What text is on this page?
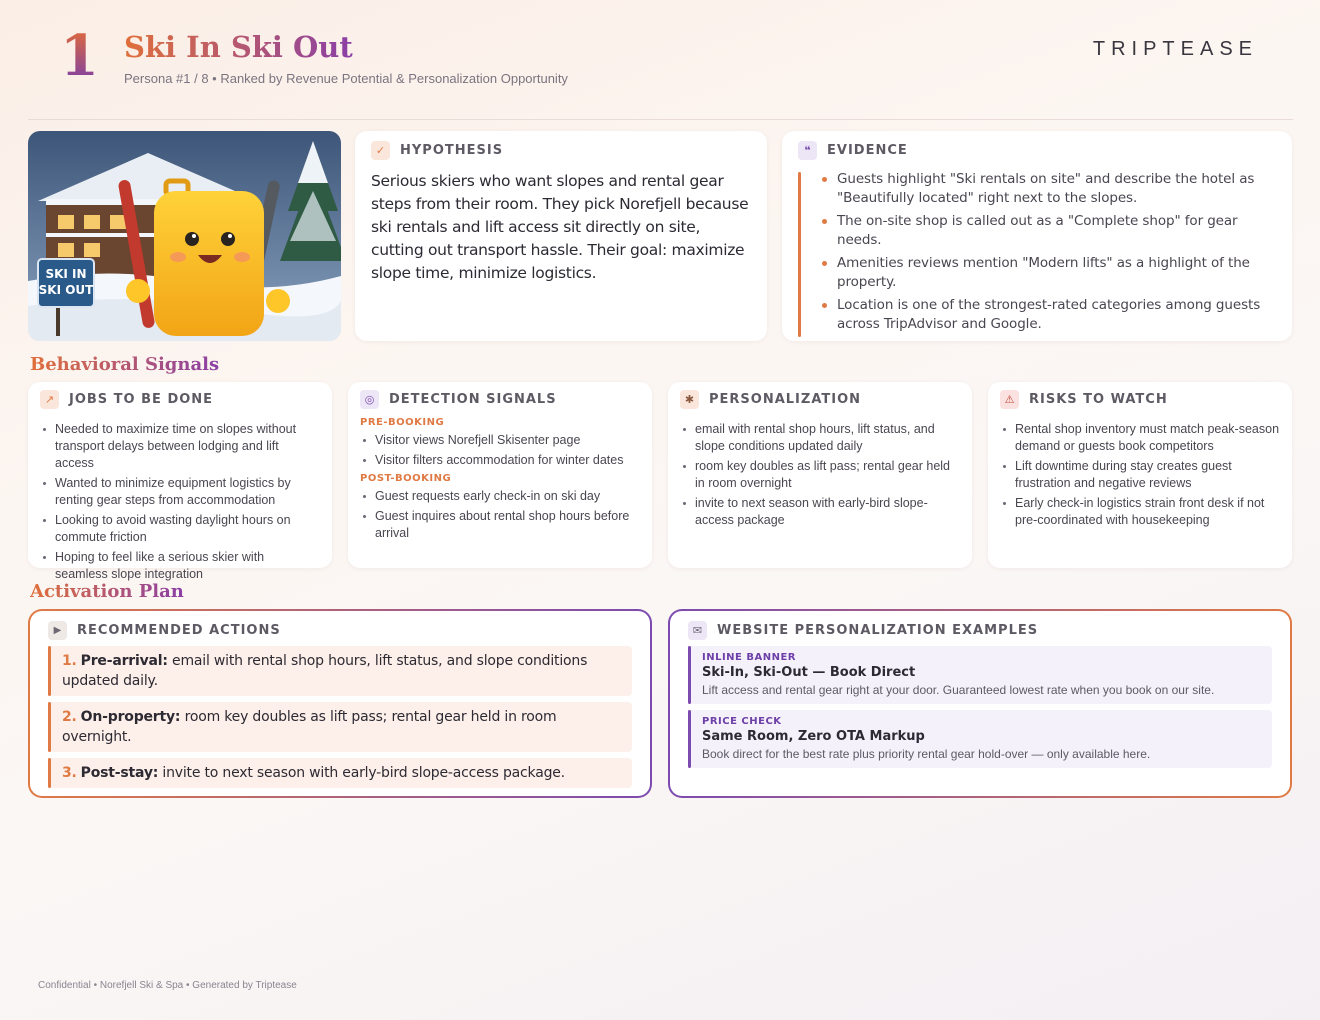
1 Ski In Ski Out
Persona #1 / 8 • Ranked by Revenue Potential & Personalization Opportunity
TRIPTEASE
SKI IN
SKI OUT
✓	HYPOTHESIS
Serious skiers who want slopes and rental gear steps from their room. They pick Norefjell because ski rentals and lift access sit directly on site, cutting out transport hassle. Their goal: maximize slope time, minimize logistics.
❝	EVIDENCE
Guests highlight "Ski rentals on site" and describe the hotel as "Beautifully located" right next to the slopes.
The on-site shop is called out as a "Complete shop" for gear needs.
Amenities reviews mention "Modern lifts" as a highlight of the property.
Location is one of the strongest-rated categories among guests across TripAdvisor and Google.
Behavioral Signals
↗	JOBS TO BE DONE
Needed to maximize time on slopes without transport delays between lodging and lift access
Wanted to minimize equipment logistics by renting gear steps from accommodation
Looking to avoid wasting daylight hours on commute friction
Hoping to feel like a serious skier with seamless slope integration
◎	DETECTION SIGNALS
PRE-BOOKING
Visitor views Norefjell Skisenter page
Visitor filters accommodation for winter dates
POST-BOOKING
Guest requests early check-in on ski day
Guest inquires about rental shop hours before arrival
✱	PERSONALIZATION
email with rental shop hours, lift status, and slope conditions updated daily
room key doubles as lift pass; rental gear held in room overnight
invite to next season with early-bird slope-access package
⚠	RISKS TO WATCH
Rental shop inventory must match peak-season demand or guests book competitors
Lift downtime during stay creates guest frustration and negative reviews
Early check-in logistics strain front desk if not pre-coordinated with housekeeping
Activation Plan
▶	RECOMMENDED ACTIONS
1. Pre-arrival: email with rental shop hours, lift status, and slope conditions updated daily.
2. On-property: room key doubles as lift pass; rental gear held in room overnight.
3. Post-stay: invite to next season with early-bird slope-access package.
✉	WEBSITE PERSONALIZATION EXAMPLES
INLINE BANNER
Ski-In, Ski-Out — Book Direct
Lift access and rental gear right at your door. Guaranteed lowest rate when you book on our site.
PRICE CHECK
Same Room, Zero OTA Markup
Book direct for the best rate plus priority rental gear hold-over — only available here.
Confidential • Norefjell Ski & Spa • Generated by Triptease
